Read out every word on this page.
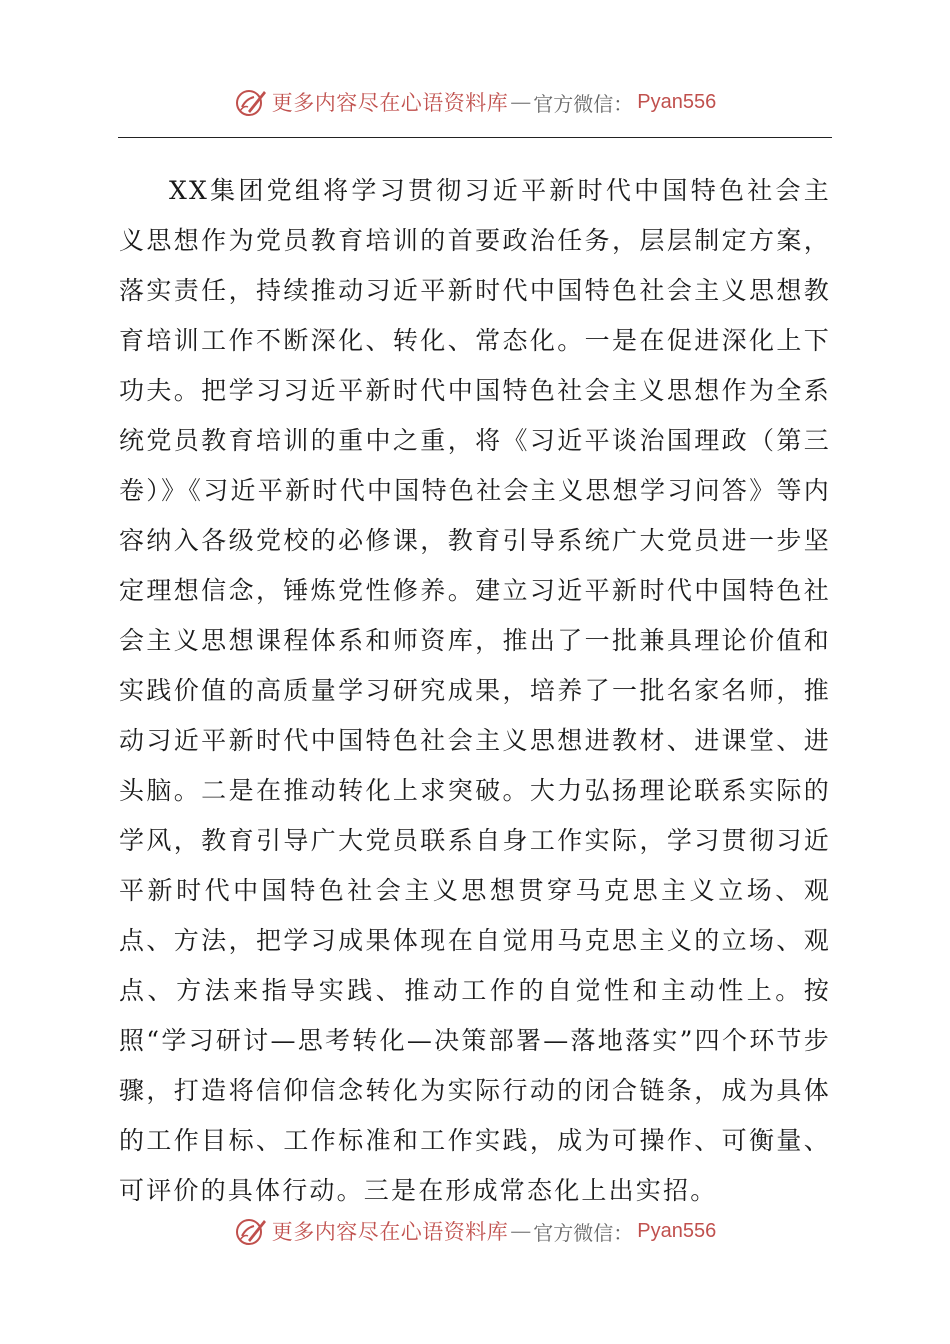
更多内容尽在心语资料库 — 官方微信： Pyan556

XX集团党组将学习贯彻习近平新时代中国特色社会主义思想作为党员教育培训的首要政治任务，层层制定方案，落实责任，持续推动习近平新时代中国特色社会主义思想教育培训工作不断深化、转化、常态化。一是在促进深化上下功夫。把学习习近平新时代中国特色社会主义思想作为全系统党员教育培训的重中之重，将《习近平谈治国理政（第三卷）》《习近平新时代中国特色社会主义思想学习问答》等内容纳入各级党校的必修课，教育引导系统广大党员进一步坚定理想信念，锤炼党性修养。建立习近平新时代中国特色社会主义思想课程体系和师资库，推出了一批兼具理论价值和实践价值的高质量学习研究成果，培养了一批名家名师，推动习近平新时代中国特色社会主义思想进教材、进课堂、进头脑。二是在推动转化上求突破。大力弘扬理论联系实际的学风，教育引导广大党员联系自身工作实际，学习贯彻习近平新时代中国特色社会主义思想贯穿马克思主义立场、观点、方法，把学习成果体现在自觉用马克思主义的立场、观点、方法来指导实践、推动工作的自觉性和主动性上。按照“学习研讨—思考转化—决策部署—落地落实”四个环节步骤，打造将信仰信念转化为实际行动的闭合链条，成为具体的工作目标、工作标准和工作实践，成为可操作、可衡量、可评价的具体行动。三是在形成常态化上出实招。

更多内容尽在心语资料库 — 官方微信： Pyan556
